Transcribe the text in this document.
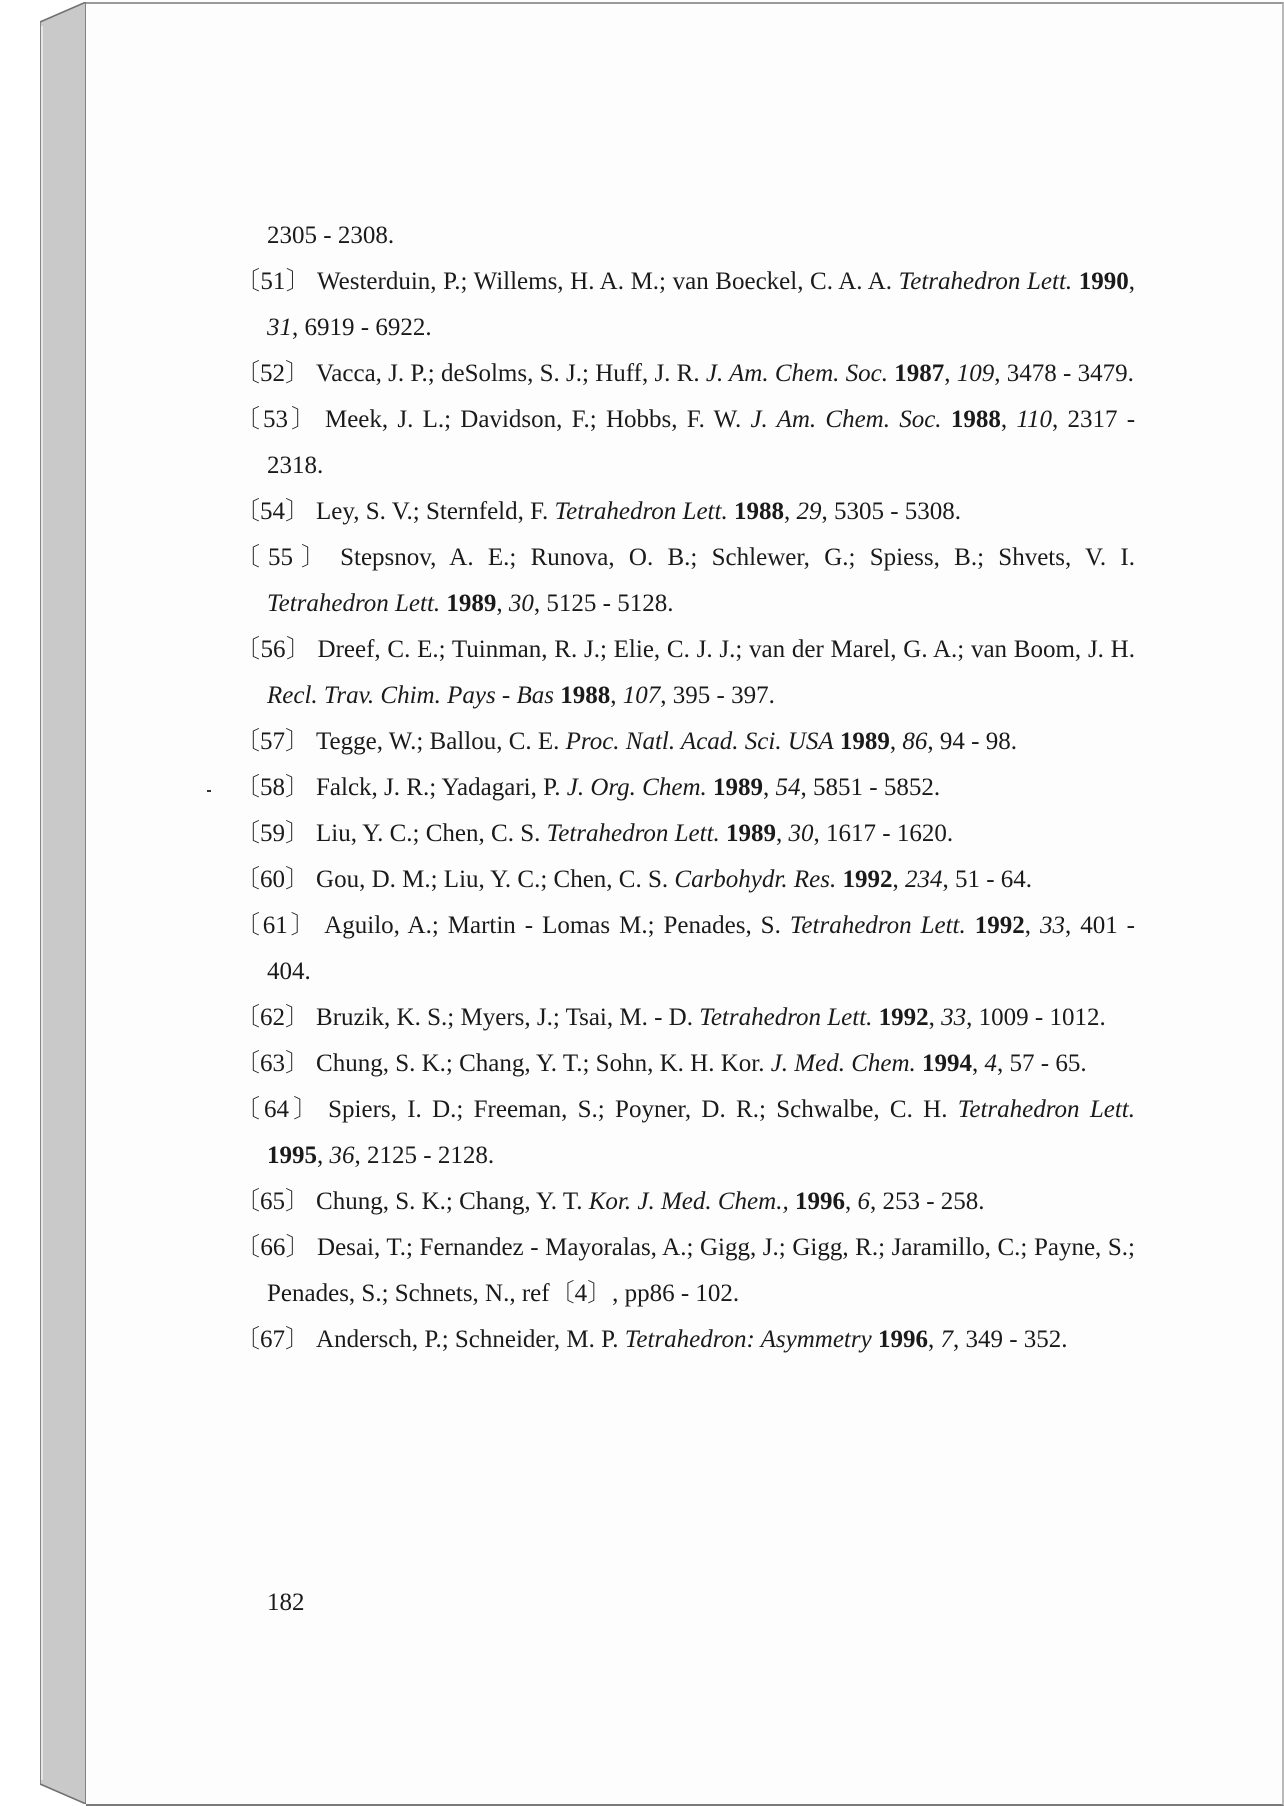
2305 - 2308.
〔51〕 Westerduin, P.; Willems, H. A. M.; van Boeckel, C. A. A. Tetrahedron Lett. 1990, 31, 6919 - 6922.
〔52〕 Vacca, J. P.; deSolms, S. J.; Huff, J. R. J. Am. Chem. Soc. 1987, 109, 3478 - 3479.
〔53〕 Meek, J. L.; Davidson, F.; Hobbs, F. W. J. Am. Chem. Soc. 1988, 110, 2317 - 2318.
〔54〕 Ley, S. V.; Sternfeld, F. Tetrahedron Lett. 1988, 29, 5305 - 5308.
〔55〕 Stepsnov, A. E.; Runova, O. B.; Schlewer, G.; Spiess, B.; Shvets, V. I. Tetrahedron Lett. 1989, 30, 5125 - 5128.
〔56〕 Dreef, C. E.; Tuinman, R. J.; Elie, C. J. J.; van der Marel, G. A.; van Boom, J. H. Recl. Trav. Chim. Pays - Bas 1988, 107, 395 - 397.
〔57〕 Tegge, W.; Ballou, C. E. Proc. Natl. Acad. Sci. USA 1989, 86, 94 - 98.
〔58〕 Falck, J. R.; Yadagari, P. J. Org. Chem. 1989, 54, 5851 - 5852.
〔59〕 Liu, Y. C.; Chen, C. S. Tetrahedron Lett. 1989, 30, 1617 - 1620.
〔60〕 Gou, D. M.; Liu, Y. C.; Chen, C. S. Carbohydr. Res. 1992, 234, 51 - 64.
〔61〕 Aguilo, A.; Martin - Lomas M.; Penades, S. Tetrahedron Lett. 1992, 33, 401 - 404.
〔62〕 Bruzik, K. S.; Myers, J.; Tsai, M. - D. Tetrahedron Lett. 1992, 33, 1009 - 1012.
〔63〕 Chung, S. K.; Chang, Y. T.; Sohn, K. H. Kor. J. Med. Chem. 1994, 4, 57 - 65.
〔64〕 Spiers, I. D.; Freeman, S.; Poyner, D. R.; Schwalbe, C. H. Tetrahedron Lett. 1995, 36, 2125 - 2128.
〔65〕 Chung, S. K.; Chang, Y. T. Kor. J. Med. Chem., 1996, 6, 253 - 258.
〔66〕 Desai, T.; Fernandez - Mayoralas, A.; Gigg, J.; Gigg, R.; Jaramillo, C.; Payne, S.; Penades, S.; Schnets, N., ref〔4〕, pp86 - 102.
〔67〕 Andersch, P.; Schneider, M. P. Tetrahedron: Asymmetry 1996, 7, 349 - 352.
182
